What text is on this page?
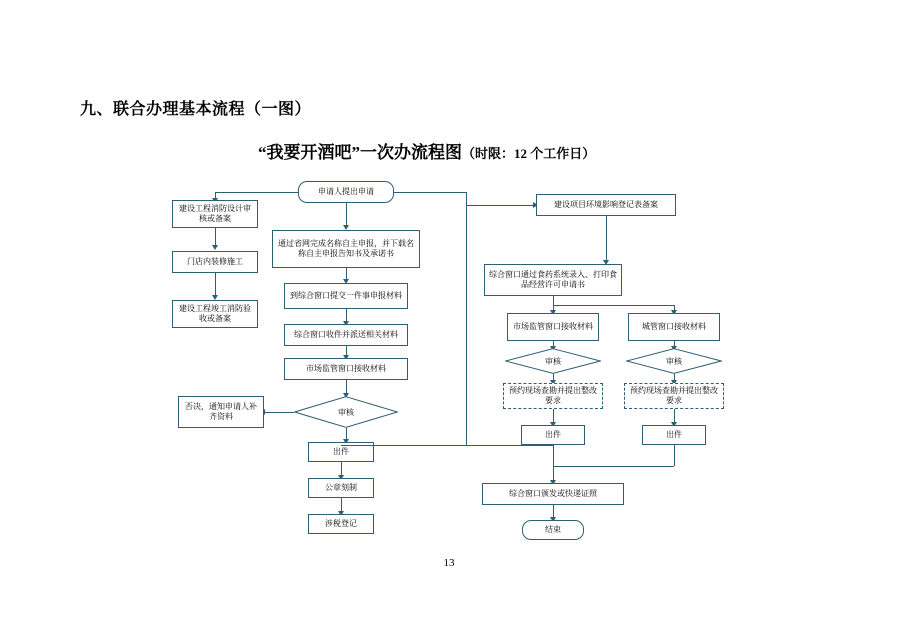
九、联合办理基本流程（一图）
“我要开酒吧”一次办流程图（时限：12 个工作日）
申请人提出申请
建设工程消防设计审核或备案
门店内装修施工
建设工程竣工消防验收或备案
通过省网完成名称自主申报，并下载名称自主申报告知书及承诺书
到综合窗口提交一件事申报材料
综合窗口收件并派送相关材料
市场监管窗口接收材料
审核
否决，通知申请人补齐资料
出件
公章刻制
涉税登记
建设项目环境影响登记表备案
综合窗口通过食药系统录入、打印食品经营许可申请书
市场监管窗口接收材料	城管窗口接收材料
审核	审核
预约现场查勘并提出整改要求
预约现场查勘并提出整改要求
出件	出件
综合窗口颁发或快递证照
结束
13
